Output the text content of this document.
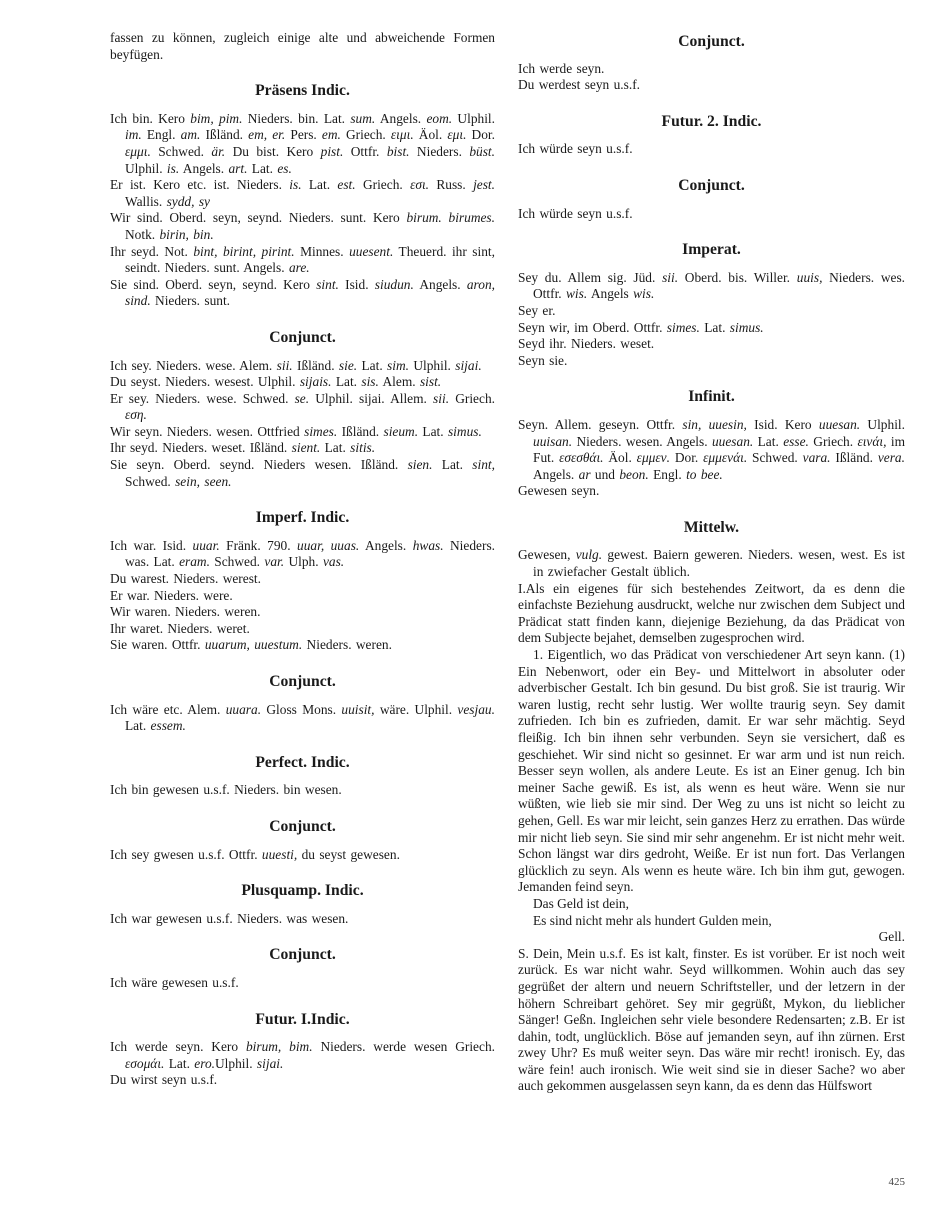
fassen zu können, zugleich einige alte und abweichende Formen beyfügen.

Präsens Indic.

Ich bin. Kero bim, pim. Nieders. bin. Lat. sum. Angels. eom. Ulphil. im. Engl. am. Ißländ. em, er. Pers. em. Griech. ειμι. Äol. εμι. Dor. εμμι. Schwed. är. Du bist. Kero pist. Ottfr. bist. Nieders. büst. Ulphil. is. Angels. art. Lat. es.

Er ist. Kero etc. ist. Nieders. is. Lat. est. Griech. εσι. Russ. jest. Wallis. sydd, sy

Wir sind. Oberd. seyn, seynd. Nieders. sunt. Kero birum. birumes. Notk. birin, bin.

Ihr seyd. Not. bint, birint, pirint. Minnes. uuesent. Theuerd. ihr sint, seindt. Nieders. sunt. Angels. are.

Sie sind. Oberd. seyn, seynd. Kero sint. Isid. siudun. Angels. aron, sind. Nieders. sunt.

Conjunct.

Ich sey. Nieders. wese. Alem. sii. Ißländ. sie. Lat. sim. Ulphil. sijai.

Du seyst. Nieders. wesest. Ulphil. sijais. Lat. sis. Alem. sist.

Er sey. Nieders. wese. Schwed. se. Ulphil. sijai. Allem. sii. Griech. εση.

Wir seyn. Nieders. wesen. Ottfried simes. Ißländ. sieum. Lat. simus.

Ihr seyd. Nieders. weset. Ißländ. sient. Lat. sitis.

Sie seyn. Oberd. seynd. Nieders wesen. Ißländ. sien. Lat. sint, Schwed. sein, seen.

Imperf. Indic.

Ich war. Isid. uuar. Fränk. 790. uuar, uuas. Angels. hwas. Nieders. was. Lat. eram. Schwed. var. Ulph. vas.

Du warest. Nieders. werest.

Er war. Nieders. were.

Wir waren. Nieders. weren.

Ihr waret. Nieders. weret.

Sie waren. Ottfr. uuarum, uuestum. Nieders. weren.

Conjunct.

Ich wäre etc. Alem. uuara. Gloss Mons. uuisit, wäre. Ulphil. vesjau. Lat. essem.

Perfect. Indic.

Ich bin gewesen u.s.f. Nieders. bin wesen.

Conjunct.

Ich sey gwesen u.s.f. Ottfr. uuesti, du seyst gewesen.

Plusquamp. Indic.

Ich war gewesen u.s.f. Nieders. was wesen.

Conjunct.

Ich wäre gewesen u.s.f.

Futur. I.Indic.

Ich werde seyn. Kero birum, bim. Nieders. werde wesen Griech. εσομάι. Lat. ero.Ulphil. sijai.

Du wirst seyn u.s.f.

Conjunct.

Ich werde seyn.

Du werdest seyn u.s.f.

Futur. 2. Indic.

Ich würde seyn u.s.f.

Conjunct.

Ich würde seyn u.s.f.

Imperat.

Sey du. Allem sig. Jüd. sii. Oberd. bis. Willer. uuis, Nieders. wes. Ottfr. wis. Angels wis.

Sey er.

Seyn wir, im Oberd. Ottfr. simes. Lat. simus.

Seyd ihr. Nieders. weset.

Seyn sie.

Infinit.

Seyn. Allem. geseyn. Ottfr. sin, uuesin, Isid. Kero uuesan. Ulphil. uuisan. Nieders. wesen. Angels. uuesan. Lat. esse. Griech. εινάι, im Fut. εσεσθάι. Äol. εμμεν. Dor. εμμενάι. Schwed. vara. Ißländ. vera. Angels. ar und beon. Engl. to bee.

Gewesen seyn.

Mittelw.

Gewesen, vulg. gewest. Baiern geweren. Nieders. wesen, west. Es ist in zwiefacher Gestalt üblich.

I.Als ein eigenes für sich bestehendes Zeitwort, da es denn die einfachste Beziehung ausdruckt, welche nur zwischen dem Subject und Prädicat statt finden kann, diejenige Beziehung, da das Prädicat von dem Subjecte bejahet, demselben zugesprochen wird.

1. Eigentlich, wo das Prädicat von verschiedener Art seyn kann. (1) Ein Nebenwort, oder ein Bey- und Mittelwort in absoluter oder adverbischer Gestalt. Ich bin gesund. Du bist groß. Sie ist traurig. Wir waren lustig, recht sehr lustig. Wer wollte traurig seyn. Sey damit zufrieden. Ich bin es zufrieden, damit. Er war sehr mächtig. Seyd fleißig. Ich bin ihnen sehr verbunden. Seyn sie versichert, daß es geschiehet. Wir sind nicht so gesinnet. Er war arm und ist nun reich. Besser seyn wollen, als andere Leute. Es ist an Einer genug. Ich bin meiner Sache gewiß. Es ist, als wenn es heut wäre. Wenn sie nur wüßten, wie lieb sie mir sind. Der Weg zu uns ist nicht so leicht zu gehen, Gell. Es war mir leicht, sein ganzes Herz zu errathen. Das würde mir nicht lieb seyn. Sie sind mir sehr angenehm. Er ist nicht mehr weit. Schon längst war dirs gedroht, Weiße. Er ist nun fort. Das Verlangen glücklich zu seyn. Als wenn es heute wäre. Ich bin ihm gut, gewogen. Jemanden feind seyn.

Das Geld ist dein,

Es sind nicht mehr als hundert Gulden mein,

Gell.

S. Dein, Mein u.s.f. Es ist kalt, finster. Es ist vorüber. Er ist noch weit zurück. Es war nicht wahr. Seyd willkommen. Wohin auch das sey gegrüßet der altern und neuern Schriftsteller, und der letzern in der höhern Schreibart gehöret. Sey mir gegrüßt, Mykon, du lieblicher Sänger! Geßn. Ingleichen sehr viele besondere Redensarten; z.B. Er ist dahin, todt, unglücklich. Böse auf jemanden seyn, auf ihn zürnen. Erst zwey Uhr? Es muß weiter seyn. Das wäre mir recht! ironisch. Ey, das wäre fein! auch ironisch. Wie weit sind sie in dieser Sache? wo aber auch gekommen ausgelassen seyn kann, da es denn das Hülfswort

425
